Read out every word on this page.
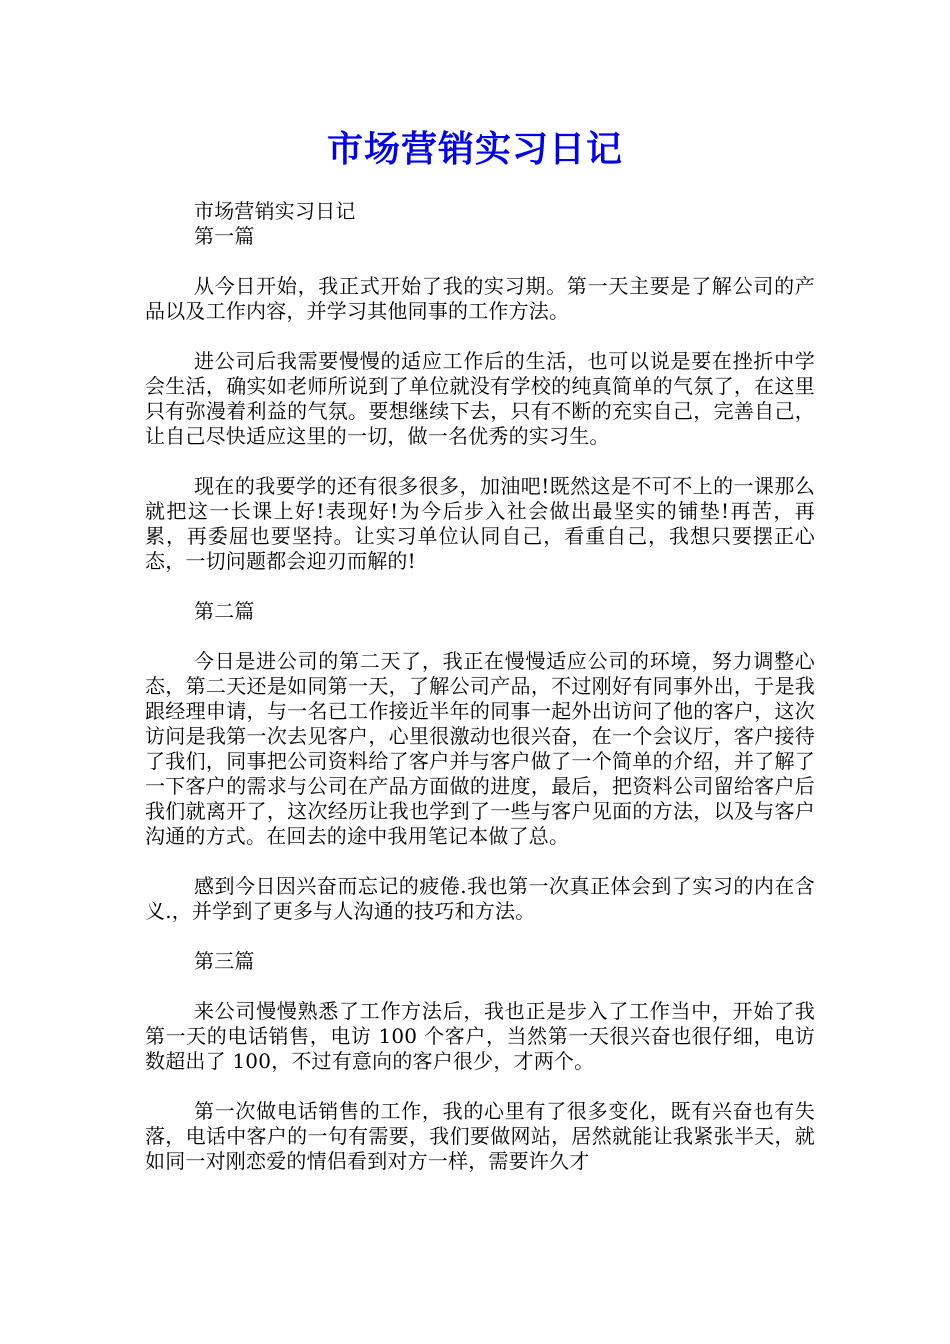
市场营销实习日记

市场营销实习日记

第一篇

从今日开始，我正式开始了我的实习期。第一天主要是了解公司的产品以及工作内容，并学习其他同事的工作方法。

进公司后我需要慢慢的适应工作后的生活，也可以说是要在挫折中学会生活，确实如老师所说到了单位就没有学校的纯真简单的气氛了，在这里只有弥漫着利益的气氛。要想继续下去，只有不断的充实自己，完善自己，让自己尽快适应这里的一切，做一名优秀的实习生。

现在的我要学的还有很多很多，加油吧!既然这是不可不上的一课那么就把这一长课上好!表现好!为今后步入社会做出最坚实的铺垫!再苦，再累，再委屈也要坚持。让实习单位认同自己，看重自己，我想只要摆正心态，一切问题都会迎刃而解的!

第二篇

今日是进公司的第二天了，我正在慢慢适应公司的环境，努力调整心态，第二天还是如同第一天，了解公司产品，不过刚好有同事外出，于是我跟经理申请，与一名已工作接近半年的同事一起外出访问了他的客户，这次访问是我第一次去见客户，心里很激动也很兴奋，在一个会议厅，客户接待了我们，同事把公司资料给了客户并与客户做了一个简单的介绍，并了解了一下客户的需求与公司在产品方面做的进度，最后，把资料公司留给客户后我们就离开了，这次经历让我也学到了一些与客户见面的方法，以及与客户沟通的方式。在回去的途中我用笔记本做了总。

感到今日因兴奋而忘记的疲倦.我也第一次真正体会到了实习的内在含义.，并学到了更多与人沟通的技巧和方法。

第三篇

来公司慢慢熟悉了工作方法后，我也正是步入了工作当中，开始了我第一天的电话销售，电访 100 个客户，当然第一天很兴奋也很仔细，电访数超出了 100，不过有意向的客户很少，才两个。

第一次做电话销售的工作，我的心里有了很多变化，既有兴奋也有失落，电话中客户的一句有需要，我们要做网站，居然就能让我紧张半天，就如同一对刚恋爱的情侣看到对方一样，需要许久才
